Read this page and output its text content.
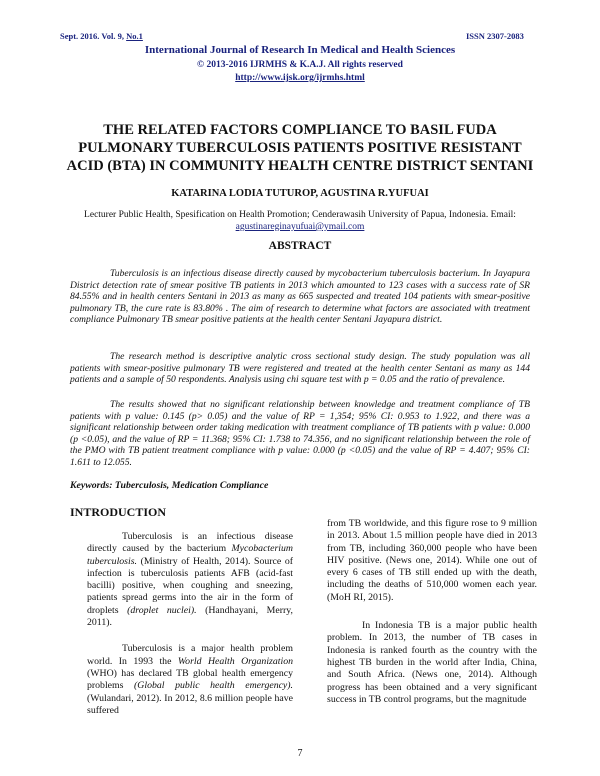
Sept. 2016. Vol. 9, No.1	ISSN 2307-2083
International Journal of Research In Medical and Health Sciences
© 2013-2016 IJRMHS & K.A.J. All rights reserved
http://www.ijsk.org/ijrmhs.html
THE RELATED FACTORS COMPLIANCE TO BASIL FUDA
PULMONARY TUBERCULOSIS PATIENTS POSITIVE RESISTANT
ACID (BTA) IN COMMUNITY HEALTH CENTRE DISTRICT SENTANI
KATARINA LODIA TUTUROP, AGUSTINA R.YUFUAI
Lecturer Public Health, Spesification on Health Promotion; Cenderawasih University of Papua, Indonesia. Email: agustinareginayufuai@ymail.com
ABSTRACT
Tuberculosis is an infectious disease directly caused by mycobacterium tuberculosis bacterium. In Jayapura District detection rate of smear positive TB patients in 2013 which amounted to 123 cases with a success rate of SR 84.55% and in health centers Sentani in 2013 as many as 665 suspected and treated 104 patients with smear-positive pulmonary TB, the cure rate is 83.80% . The aim of research to determine what factors are associated with treatment compliance Pulmonary TB smear positive patients at the health center Sentani Jayapura district.
The research method is descriptive analytic cross sectional study design. The study population was all patients with smear-positive pulmonary TB were registered and treated at the health center Sentani as many as 144 patients and a sample of 50 respondents. Analysis using chi square test with p = 0.05 and the ratio of prevalence.
The results showed that no significant relationship between knowledge and treatment compliance of TB patients with p value: 0.145 (p> 0.05) and the value of RP = 1,354; 95% CI: 0.953 to 1.922, and there was a significant relationship between order taking medication with treatment compliance of TB patients with p value: 0.000 (p <0.05), and the value of RP = 11.368; 95% CI: 1.738 to 74.356, and no significant relationship between the role of the PMO with TB patient treatment compliance with p value: 0.000 (p <0.05) and the value of RP = 4.407; 95% CI: 1.611 to 12.055.
Keywords: Tuberculosis, Medication Compliance
INTRODUCTION

Tuberculosis is an infectious disease directly caused by the bacterium Mycobacterium tuberculosis. (Ministry of Health, 2014). Source of infection is tuberculosis patients AFB (acid-fast bacilli) positive, when coughing and sneezing, patients spread germs into the air in the form of droplets (droplet nuclei). (Handhayani, Merry, 2011).

Tuberculosis is a major health problem world. In 1993 the World Health Organization (WHO) has declared TB global health emergency problems (Global public health emergency). (Wulandari, 2012). In 2012, 8.6 million people have suffered

from TB worldwide, and this figure rose to 9 million in 2013. About 1.5 million people have died in 2013 from TB, including 360,000 people who have been HIV positive. (News one, 2014). While one out of every 6 cases of TB still ended up with the death, including the deaths of 510,000 women each year. (MoH RI, 2015).

In Indonesia TB is a major public health problem. In 2013, the number of TB cases in Indonesia is ranked fourth as the country with the highest TB burden in the world after India, China, and South Africa. (News one, 2014). Although progress has been obtained and a very significant success in TB control programs, but the magnitude

7
